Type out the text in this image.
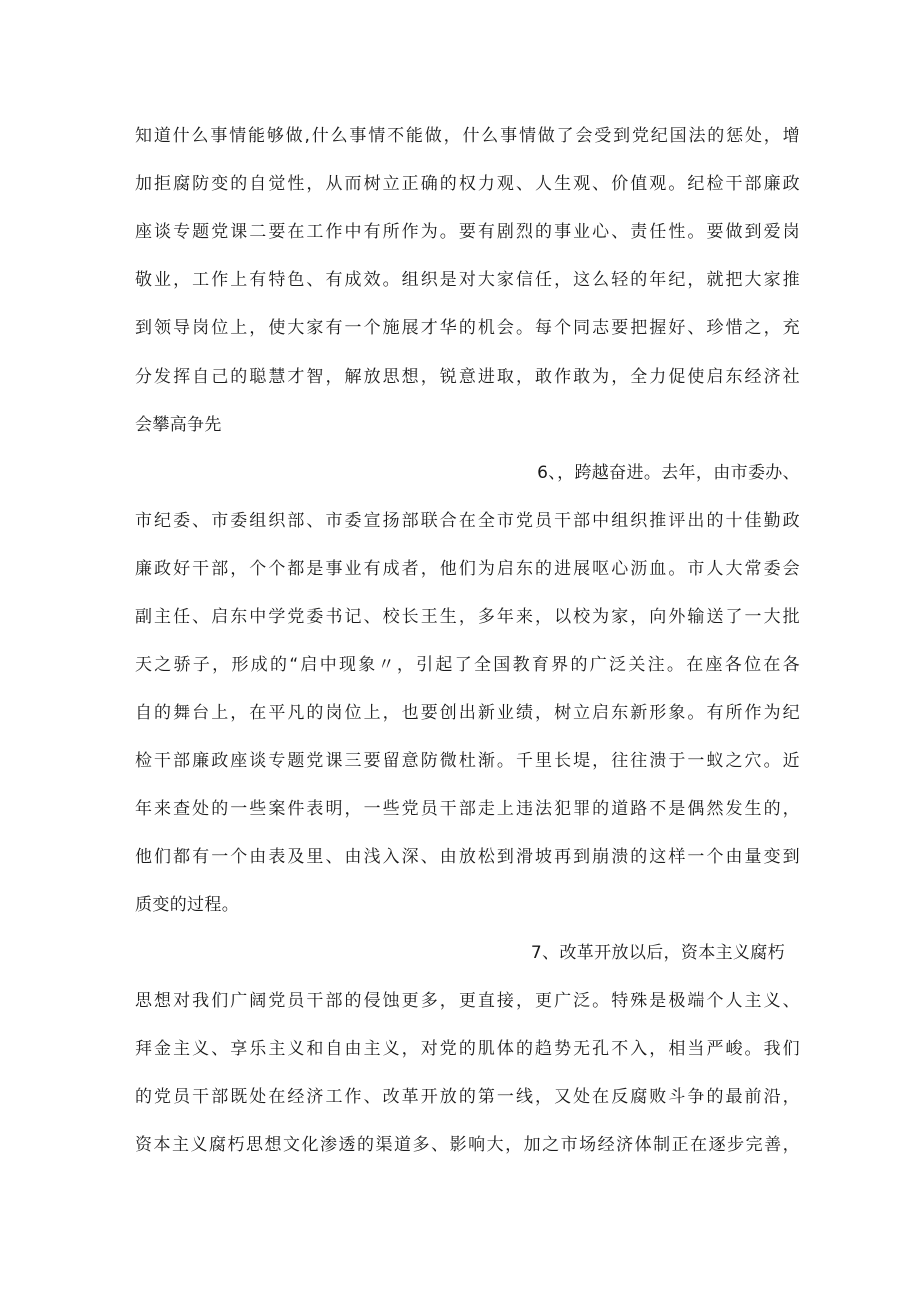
知道什么事情能够做,什么事情不能做，什么事情做了会受到党纪国法的惩处，增
加拒腐防变的自觉性，从而树立正确的权力观、人生观、价值观。纪检干部廉政
座谈专题党课二要在工作中有所作为。要有剧烈的事业心、责任性。要做到爱岗
敬业，工作上有特色、有成效。组织是对大家信任，这么轻的年纪，就把大家推
到领导岗位上，使大家有一个施展才华的机会。每个同志要把握好、珍惜之，充
分发挥自己的聪慧才智，解放思想，锐意进取，敢作敢为，全力促使启东经济社
会攀高争先
6、，跨越奋进。去年，由市委办、
市纪委、市委组织部、市委宣扬部联合在全市党员干部中组织推评出的十佳勤政
廉政好干部，个个都是事业有成者，他们为启东的进展呕心沥血。市人大常委会
副主任、启东中学党委书记、校长王生，多年来，以校为家，向外输送了一大批
天之骄子，形成的“启中现象〃，引起了全国教育界的广泛关注。在座各位在各
自的舞台上，在平凡的岗位上，也要创出新业绩，树立启东新形象。有所作为纪
检干部廉政座谈专题党课三要留意防微杜渐。千里长堤，往往溃于一蚁之穴。近
年来查处的一些案件表明，一些党员干部走上违法犯罪的道路不是偶然发生的，
他们都有一个由表及里、由浅入深、由放松到滑坡再到崩溃的这样一个由量变到
质变的过程。
7、改革开放以后，资本主义腐朽
思想对我们广阔党员干部的侵蚀更多，更直接，更广泛。特殊是极端个人主义、
拜金主义、享乐主义和自由主义，对党的肌体的趋势无孔不入，相当严峻。我们
的党员干部既处在经济工作、改革开放的第一线，又处在反腐败斗争的最前沿，
资本主义腐朽思想文化渗透的渠道多、影响大，加之市场经济体制正在逐步完善，
